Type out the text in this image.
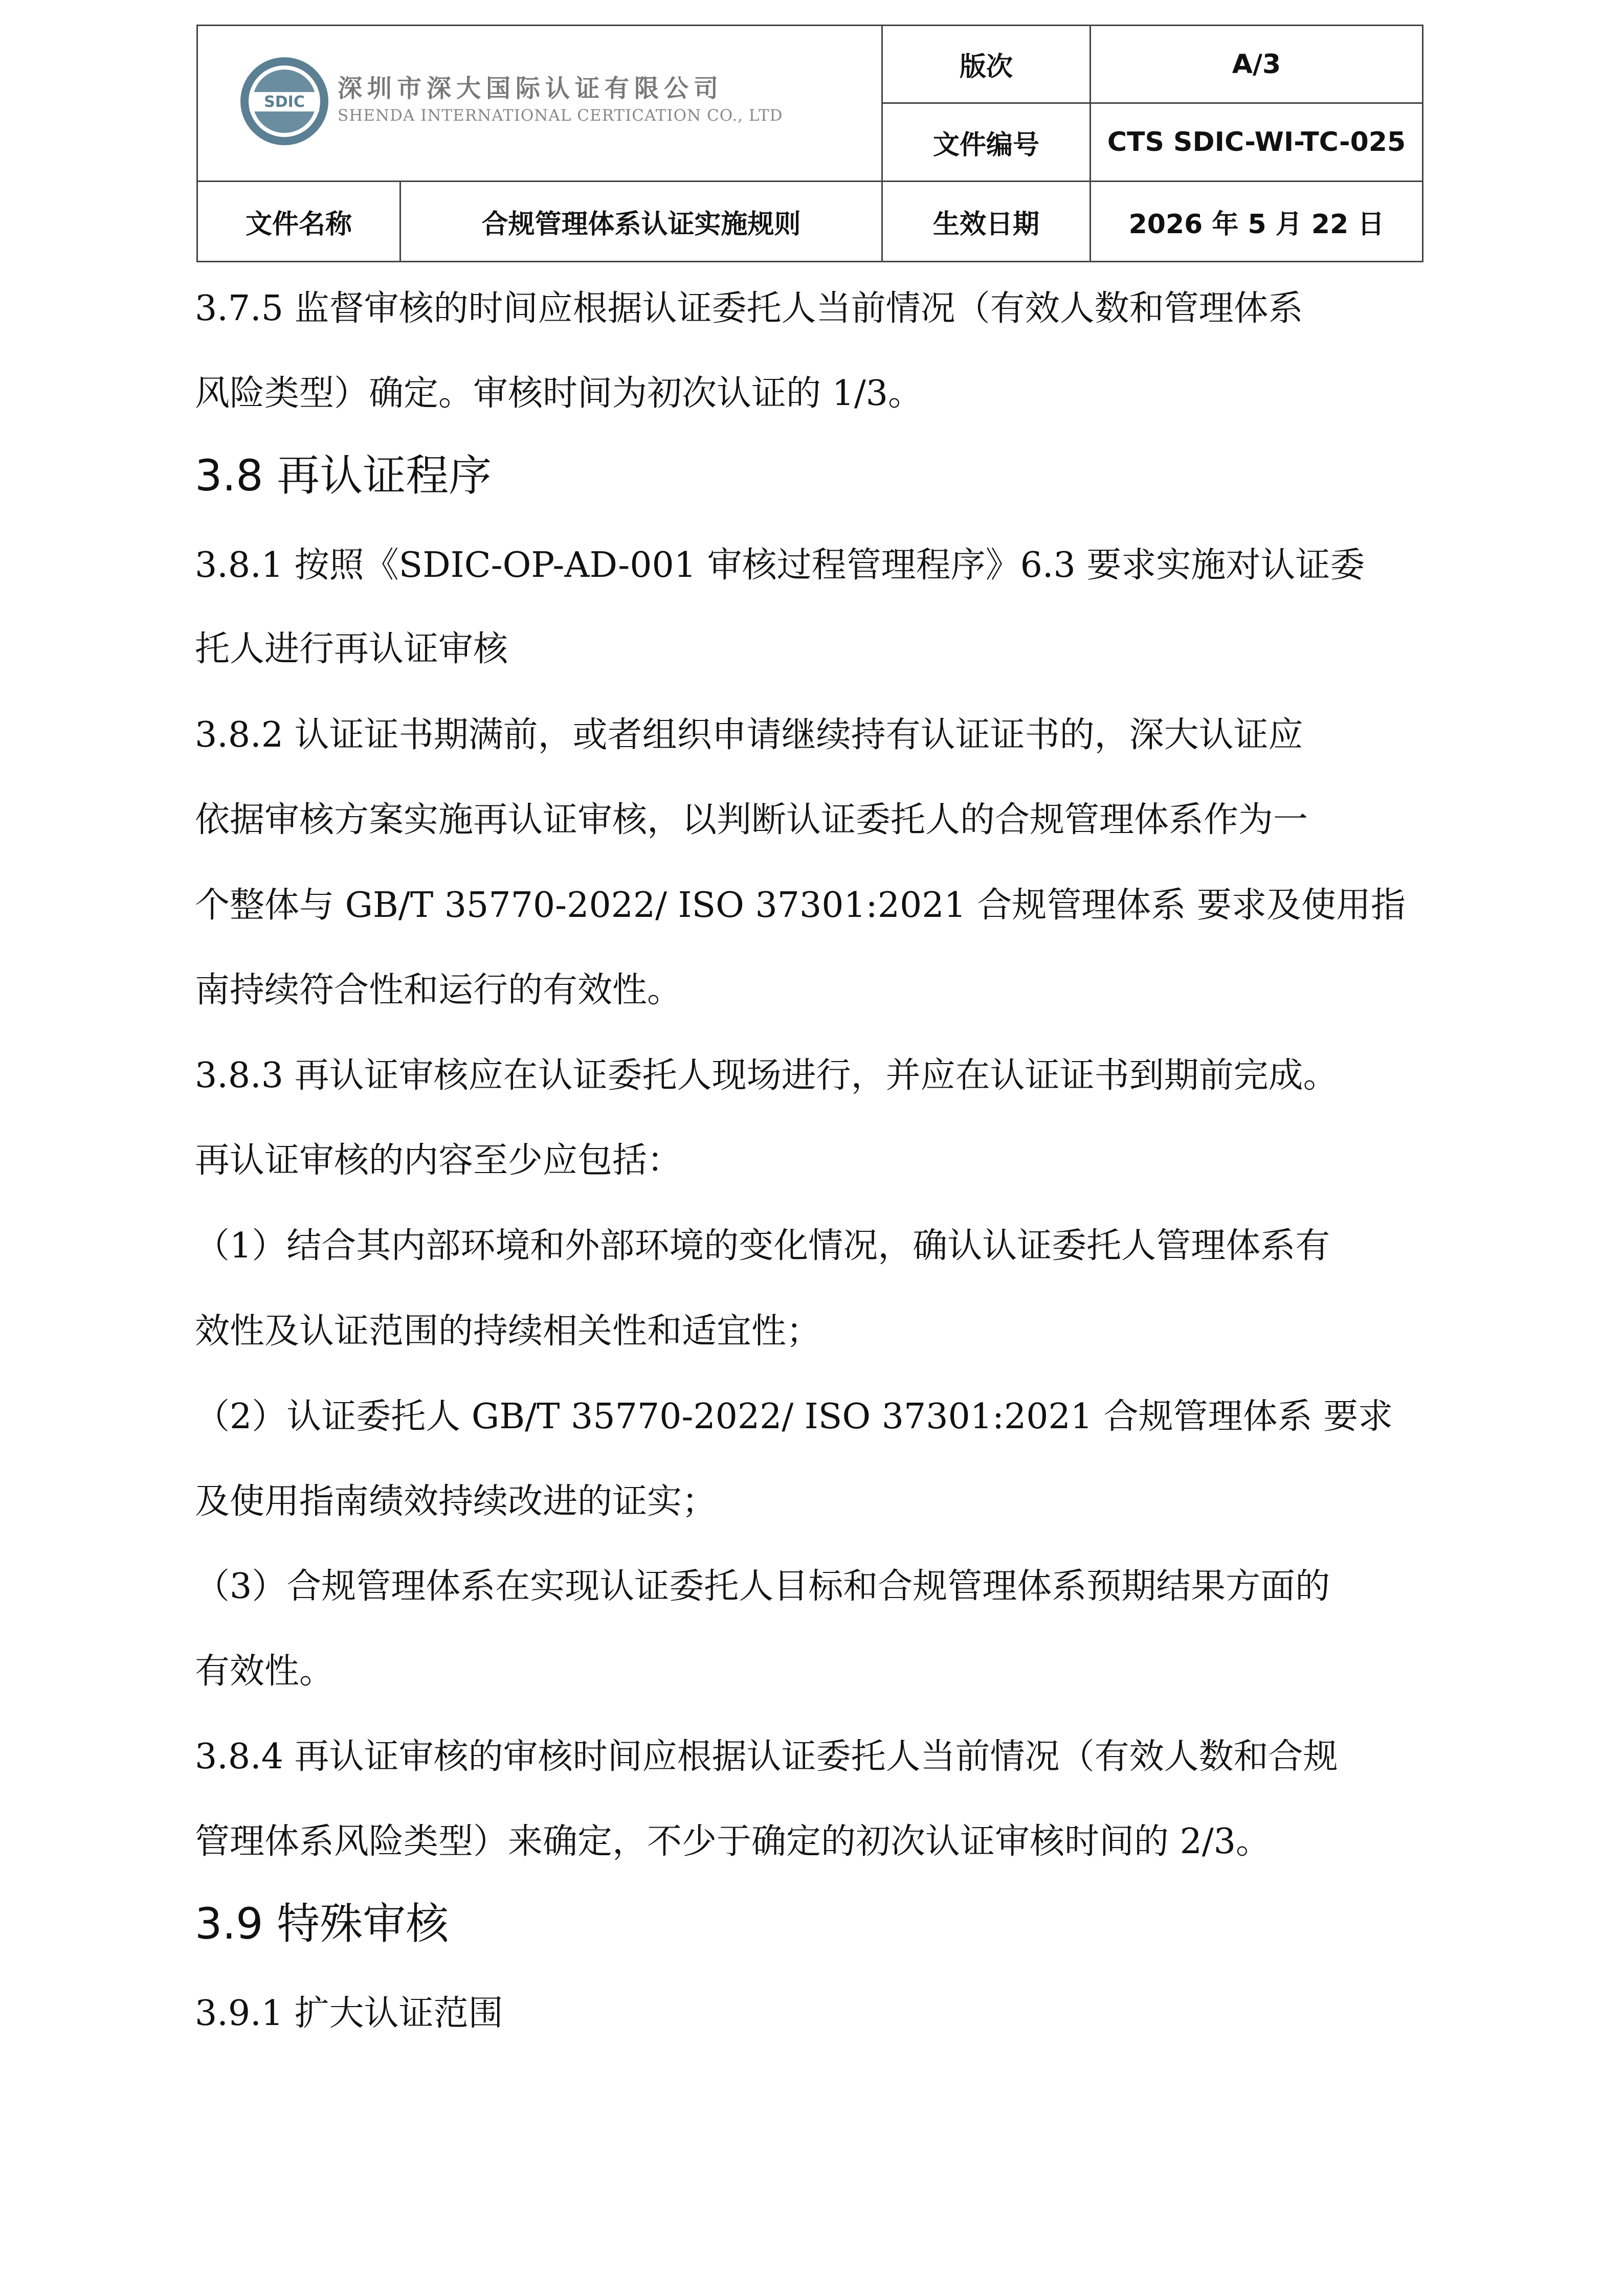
SDIC 深圳市深大国际认证有限公司
SHENDA INTERNATIONAL CERTICATION CO., LTD
版次	A/3
文件编号	CTS SDIC-WI-TC-025
文件名称	合规管理体系认证实施规则	生效日期	2026 年 5 月 22 日
3.7.5 监督审核的时间应根据认证委托人当前情况（有效人数和管理体系
风险类型）确定。审核时间为初次认证的 1/3。
3.8 再认证程序
3.8.1 按照《SDIC-OP-AD-001 审核过程管理程序》6.3 要求实施对认证委
托人进行再认证审核
3.8.2 认证证书期满前，或者组织申请继续持有认证证书的，深大认证应
依据审核方案实施再认证审核，以判断认证委托人的合规管理体系作为一
个整体与 GB/T 35770-2022/ ISO 37301:2021 合规管理体系 要求及使用指
南持续符合性和运行的有效性。
3.8.3 再认证审核应在认证委托人现场进行，并应在认证证书到期前完成。
再认证审核的内容至少应包括：
（1）结合其内部环境和外部环境的变化情况，确认认证委托人管理体系有
效性及认证范围的持续相关性和适宜性；
（2）认证委托人 GB/T 35770-2022/ ISO 37301:2021 合规管理体系 要求
及使用指南绩效持续改进的证实；
（3）合规管理体系在实现认证委托人目标和合规管理体系预期结果方面的
有效性。
3.8.4 再认证审核的审核时间应根据认证委托人当前情况（有效人数和合规
管理体系风险类型）来确定，不少于确定的初次认证审核时间的 2/3。
3.9 特殊审核
3.9.1 扩大认证范围
